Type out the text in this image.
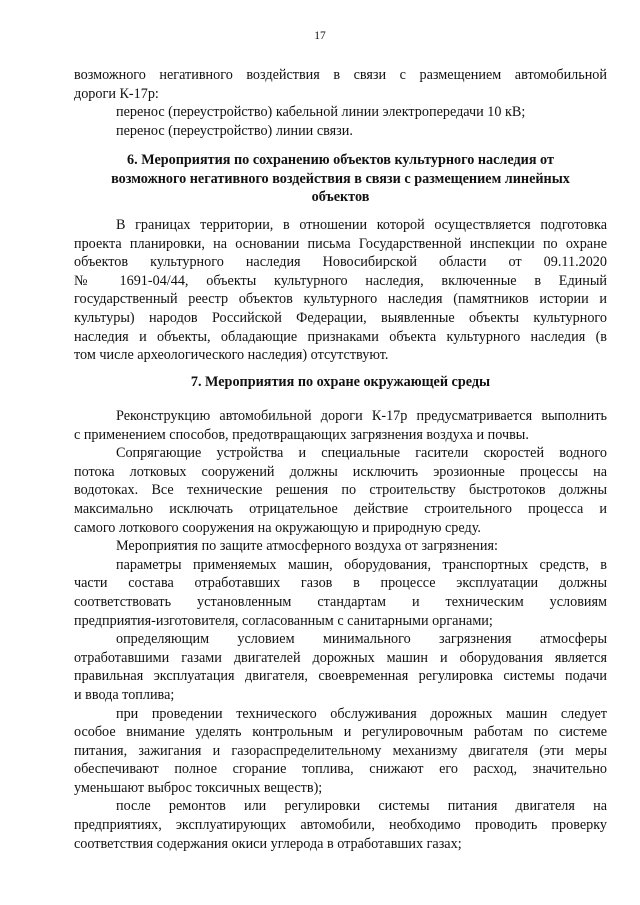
17
возможного негативного воздействия в связи с размещением автомобильной
дороги К-17р:
перенос (переустройство) кабельной линии электропередачи 10 кВ;
перенос (переустройство) линии связи.
6. Мероприятия по сохранению объектов культурного наследия от
возможного негативного воздействия в связи с размещением линейных
объектов
В границах территории, в отношении которой осуществляется подготовка
проекта планировки, на основании письма Государственной инспекции по охране
объектов культурного наследия Новосибирской области от 09.11.2020
№ 1691-04/44, объекты культурного наследия, включенные в Единый
государственный реестр объектов культурного наследия (памятников истории и
культуры) народов Российской Федерации, выявленные объекты культурного
наследия и объекты, обладающие признаками объекта культурного наследия (в
том числе археологического наследия) отсутствуют.
7. Мероприятия по охране окружающей среды
Реконструкцию автомобильной дороги К-17р предусматривается выполнить
с применением способов, предотвращающих загрязнения воздуха и почвы.
Сопрягающие устройства и специальные гасители скоростей водного
потока лотковых сооружений должны исключить эрозионные процессы на
водотоках. Все технические решения по строительству быстротоков должны
максимально исключать отрицательное действие строительного процесса и
самого лоткового сооружения на окружающую и природную среду.
Мероприятия по защите атмосферного воздуха от загрязнения:
параметры применяемых машин, оборудования, транспортных средств, в
части состава отработавших газов в процессе эксплуатации должны
соответствовать установленным стандартам и техническим условиям
предприятия-изготовителя, согласованным с санитарными органами;
определяющим условием минимального загрязнения атмосферы
отработавшими газами двигателей дорожных машин и оборудования является
правильная эксплуатация двигателя, своевременная регулировка системы подачи
и ввода топлива;
при проведении технического обслуживания дорожных машин следует
особое внимание уделять контрольным и регулировочным работам по системе
питания, зажигания и газораспределительному механизму двигателя (эти меры
обеспечивают полное сгорание топлива, снижают его расход, значительно
уменьшают выброс токсичных веществ);
после ремонтов или регулировки системы питания двигателя на
предприятиях, эксплуатирующих автомобили, необходимо проводить проверку
соответствия содержания окиси углерода в отработавших газах;
